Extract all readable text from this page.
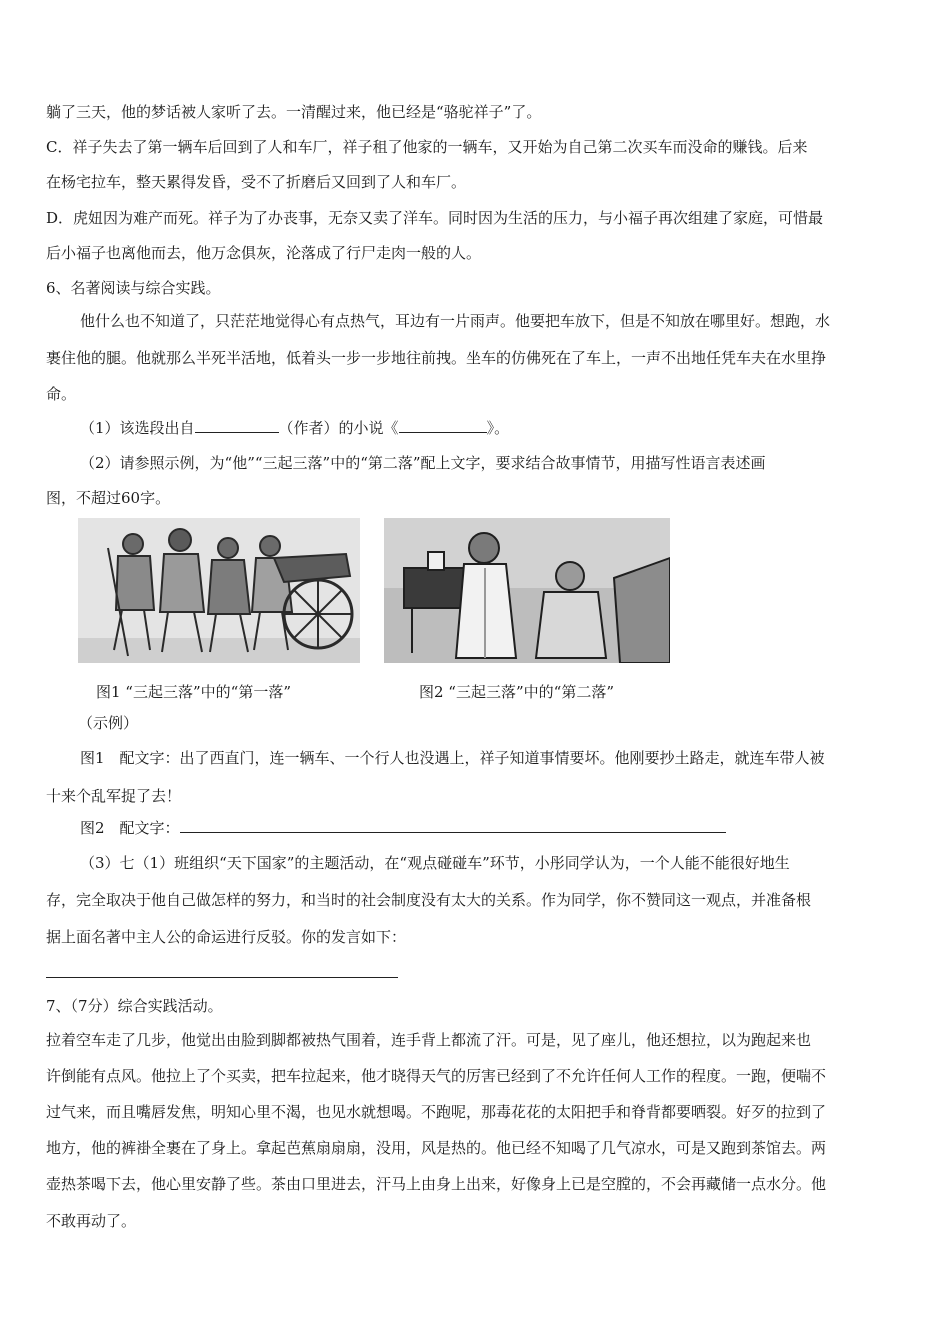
躺了三天，他的梦话被人家听了去。一清醒过来，他已经是“骆驼祥子”了。
C．祥子失去了第一辆车后回到了人和车厂，祥子租了他家的一辆车，又开始为自己第二次买车而没命的赚钱。后来
在杨宅拉车，整天累得发昏，受不了折磨后又回到了人和车厂。
D．虎妞因为难产而死。祥子为了办丧事，无奈又卖了洋车。同时因为生活的压力，与小福子再次组建了家庭，可惜最
后小福子也离他而去，他万念俱灰，沦落成了行尸走肉一般的人。
6、名著阅读与综合实践。
他什么也不知道了，只茫茫地觉得心有点热气，耳边有一片雨声。他要把车放下，但是不知放在哪里好。想跑，水
裹住他的腿。他就那么半死半活地，低着头一步一步地往前拽。坐车的仿佛死在了车上，一声不出地任凭车夫在水里挣
命。
（1）该选段出自	（作者）的小说《	》。
（2）请参照示例，为“他”“三起三落”中的“第二落”配上文字，要求结合故事情节，用描写性语言表述画
图，不超过60字。
图1 “三起三落”中的“第一落”	图2 “三起三落”中的“第二落”
（示例）
图1　配文字：出了西直门，连一辆车、一个行人也没遇上，祥子知道事情要坏。他刚要抄土路走，就连车带人被
十来个乱军捉了去！
图2　配文字：
（3）七（1）班组织“天下国家”的主题活动，在“观点碰碰车”环节，小彤同学认为，一个人能不能很好地生
存，完全取决于他自己做怎样的努力，和当时的社会制度没有太大的关系。作为同学，你不赞同这一观点，并准备根
据上面名著中主人公的命运进行反驳。你的发言如下：
7、（7分）综合实践活动。
拉着空车走了几步，他觉出由脸到脚都被热气围着，连手背上都流了汗。可是，见了座儿，他还想拉，以为跑起来也
许倒能有点风。他拉上了个买卖，把车拉起来，他才晓得天气的厉害已经到了不允许任何人工作的程度。一跑，便喘不
过气来，而且嘴唇发焦，明知心里不渴，也见水就想喝。不跑呢，那毒花花的太阳把手和脊背都要晒裂。好歹的拉到了
地方，他的裤褂全裹在了身上。拿起芭蕉扇扇扇，没用，风是热的。他已经不知喝了几气凉水，可是又跑到茶馆去。两
壶热茶喝下去，他心里安静了些。茶由口里进去，汗马上由身上出来，好像身上已是空膛的，不会再藏储一点水分。他
不敢再动了。
